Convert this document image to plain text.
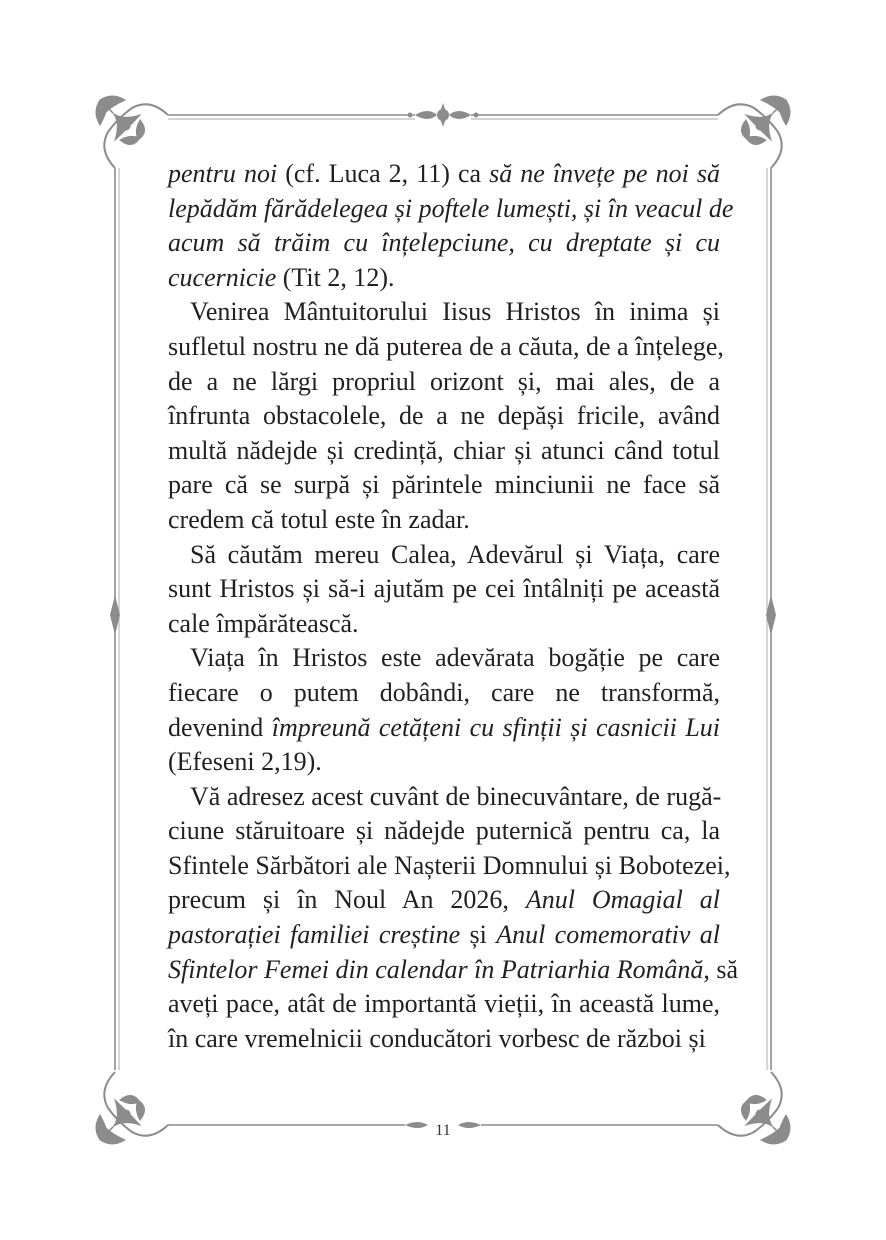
pentru noi (cf. Luca 2, 11) ca să ne învețe pe noi să
lepădăm fărădelegea și poftele lumești, și în veacul de
acum să trăim cu înțelepciune, cu dreptate și cu
cucernicie (Tit 2, 12).

Venirea Mântuitorului Iisus Hristos în inima și
sufletul nostru ne dă puterea de a căuta, de a înțelege,
de a ne lărgi propriul orizont și, mai ales, de a
înfrunta obstacolele, de a ne depăși fricile, având
multă nădejde și credință, chiar și atunci când totul
pare că se surpă și părintele minciunii ne face să
credem că totul este în zadar.

Să căutăm mereu Calea, Adevărul și Viața, care
sunt Hristos și să-i ajutăm pe cei întâlniți pe această
cale împărătească.

Viața în Hristos este adevărata bogăție pe care
fiecare o putem dobândi, care ne transformă,
devenind împreună cetățeni cu sfinții și casnicii Lui
(Efeseni 2,19).

Vă adresez acest cuvânt de binecuvântare, de rugă-
ciune stăruitoare și nădejde puternică pentru ca, la
Sfintele Sărbători ale Nașterii Domnului și Bobotezei,
precum și în Noul An 2026, Anul Omagial al
pastorației familiei creștine și Anul comemorativ al
Sfintelor Femei din calendar în Patriarhia Română, să
aveți pace, atât de importantă vieții, în această lume,
în care vremelnicii conducători vorbesc de război și

11
